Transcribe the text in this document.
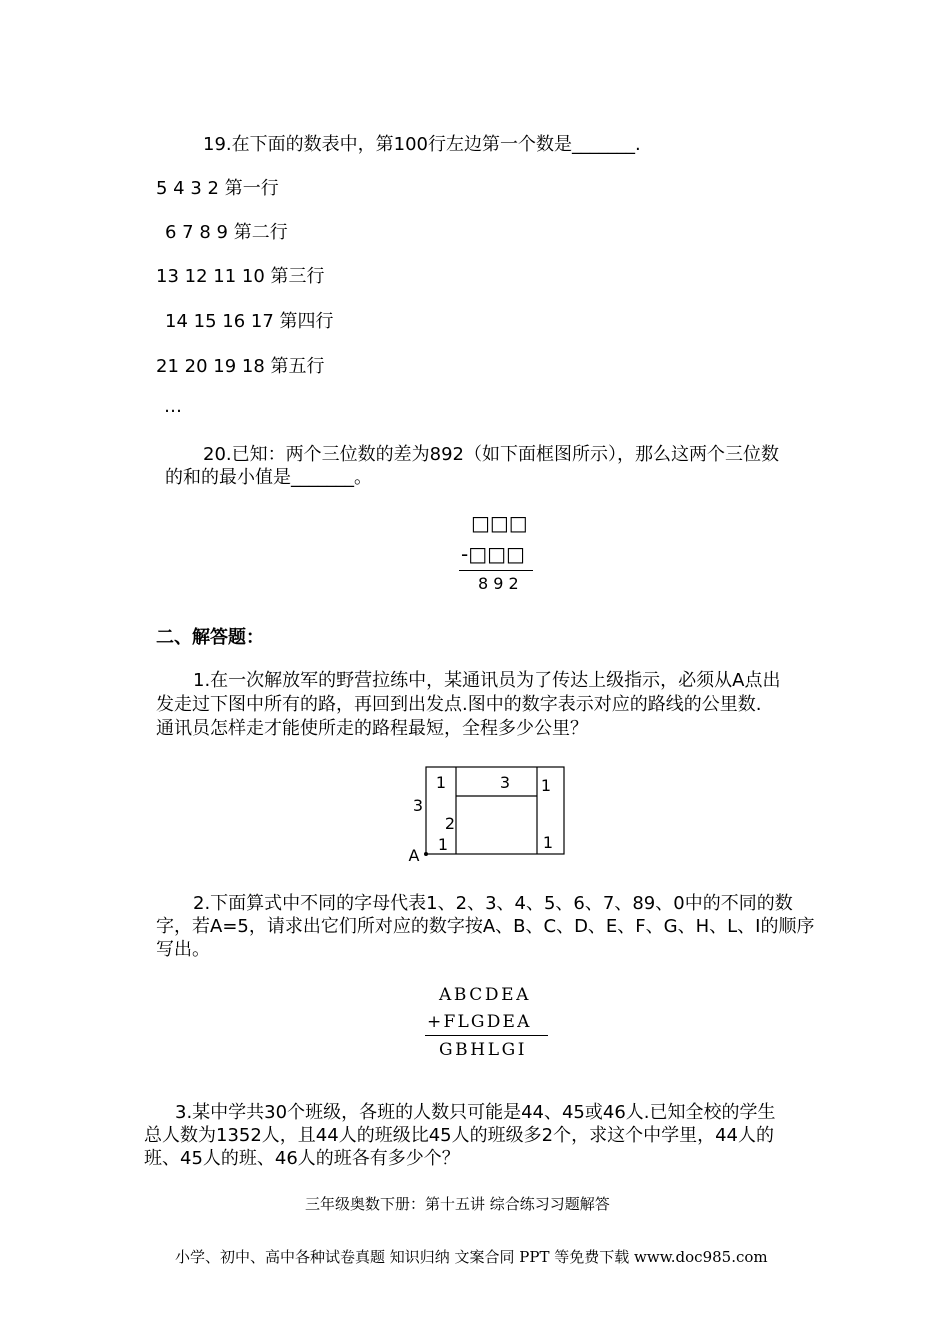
19.在下面的数表中，第100行左边第一个数是_______.
5 4 3 2 第一行
6 7 8 9 第二行
13 12 11 10 第三行
14 15 16 17 第四行
21 20 19 18 第五行
…
20.已知：两个三位数的差为892（如下面框图所示），那么这两个三位数
的和的最小值是_______。
□□□
-□□□
8 9 2
二、解答题：
1.在一次解放军的野营拉练中，某通讯员为了传达上级指示，必须从A点出
发走过下图中所有的路，再回到出发点.图中的数字表示对应的路线的公里数.
通讯员怎样走才能使所走的路程最短，全程多少公里？
1	3 1
3
2
1	1
A
2.下面算式中不同的字母代表1、2、3、4、5、6、7、89、0中的不同的数
字，若A=5，请求出它们所对应的数字按A、B、C、D、E、F、G、H、L、I的顺序
写出。
ABCDEA
+FLGDEA
GBHLGI
3.某中学共30个班级，各班的人数只可能是44、45或46人.已知全校的学生
总人数为1352人，且44人的班级比45人的班级多2个，求这个中学里，44人的
班、45人的班、46人的班各有多少个？
三年级奥数下册：第十五讲 综合练习习题解答
小学、初中、高中各种试卷真题 知识归纳 文案合同 PPT 等免费下载 www.doc985.com
